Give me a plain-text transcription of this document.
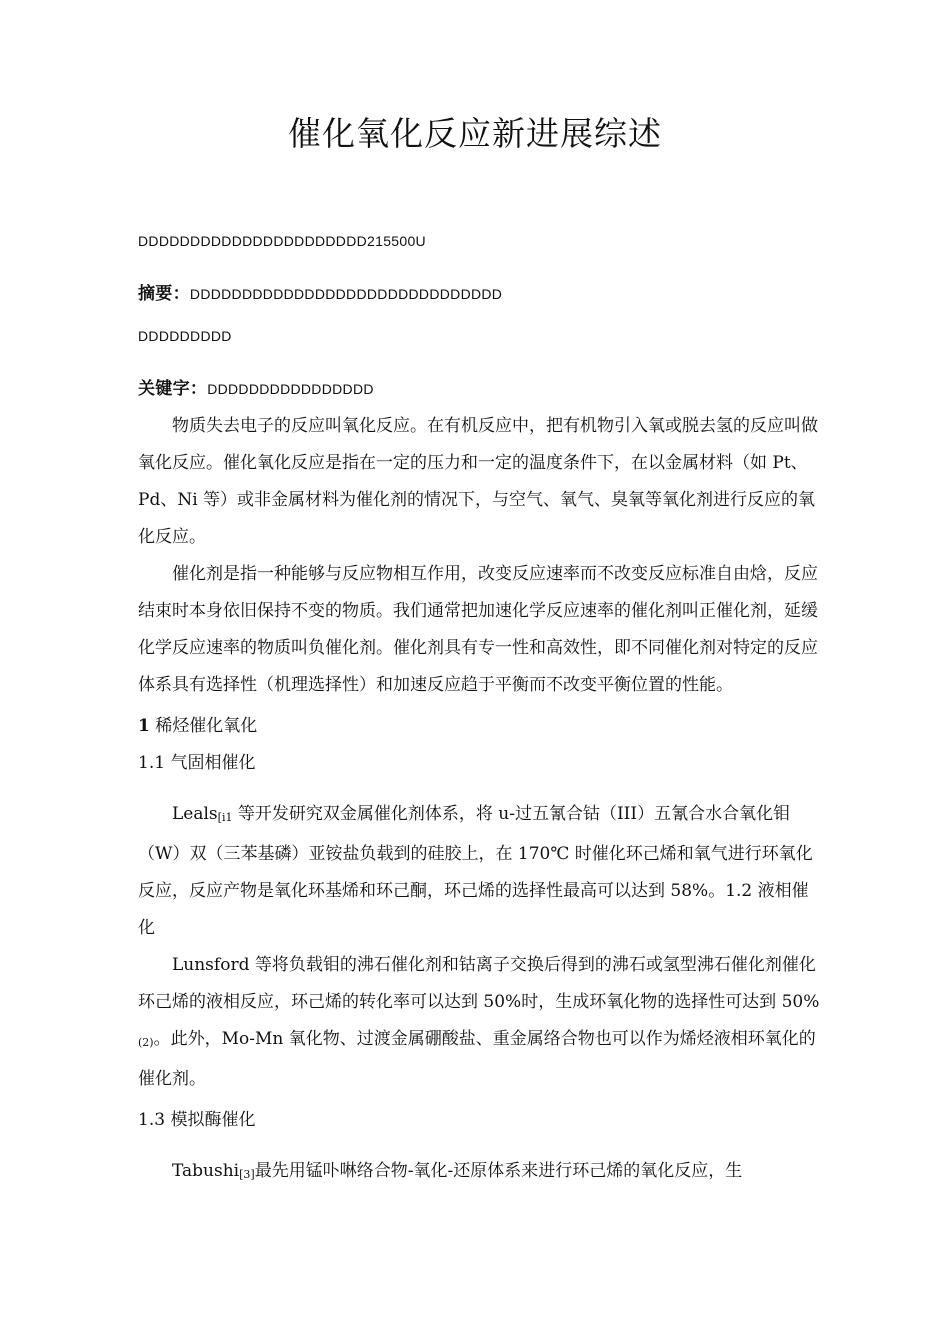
催化氧化反应新进展综述
DDDDDDDDDDDDDDDDDDDDDD215500U
摘要：DDDDDDDDDDDDDDDDDDDDDDDDDDDDDD
DDDDDDDDD
关键字：DDDDDDDDDDDDDDDD

物质失去电子的反应叫氧化反应。在有机反应中，把有机物引入氧或脱去氢的反应叫做氧化反应。催化氧化反应是指在一定的压力和一定的温度条件下，在以金属材料（如 Pt、Pd、Ni 等）或非金属材料为催化剂的情况下，与空气、氧气、臭氧等氧化剂进行反应的氧化反应。

催化剂是指一种能够与反应物相互作用，改变反应速率而不改变反应标准自由焓，反应结束时本身依旧保持不变的物质。我们通常把加速化学反应速率的催化剂叫正催化剂，延缓化学反应速率的物质叫负催化剂。催化剂具有专一性和高效性，即不同催化剂对特定的反应体系具有选择性（机理选择性）和加速反应趋于平衡而不改变平衡位置的性能。

1 稀烃催化氧化

1.1 气固相催化

Leals$_{[i1}$ 等开发研究双金属催化剂体系，将 u-过五氰合钴（III）五氰合水合氧化钼（W）双（三苯基磷）亚铵盐负载到的硅胶上，在 170℃ 时催化环己烯和氧气进行环氧化反应，反应产物是氧化环基烯和环己酮，环己烯的选择性最高可以达到 58%。1.2 液相催化

Lunsford 等将负载钼的沸石催化剂和钴离子交换后得到的沸石或氢型沸石催化剂催化环己烯的液相反应，环己烯的转化率可以达到 50%时，生成环氧化物的选择性可达到 $50\%_{(2)}$。此外，Mo-Mn 氧化物、过渡金属硼酸盐、重金属络合物也可以作为烯烃液相环氧化的催化剂。

1.3 模拟酶催化

Tabushi$_{[3]}$最先用锰卟啉络合物-氧化-还原体系来进行环己烯的氧化反应，生
